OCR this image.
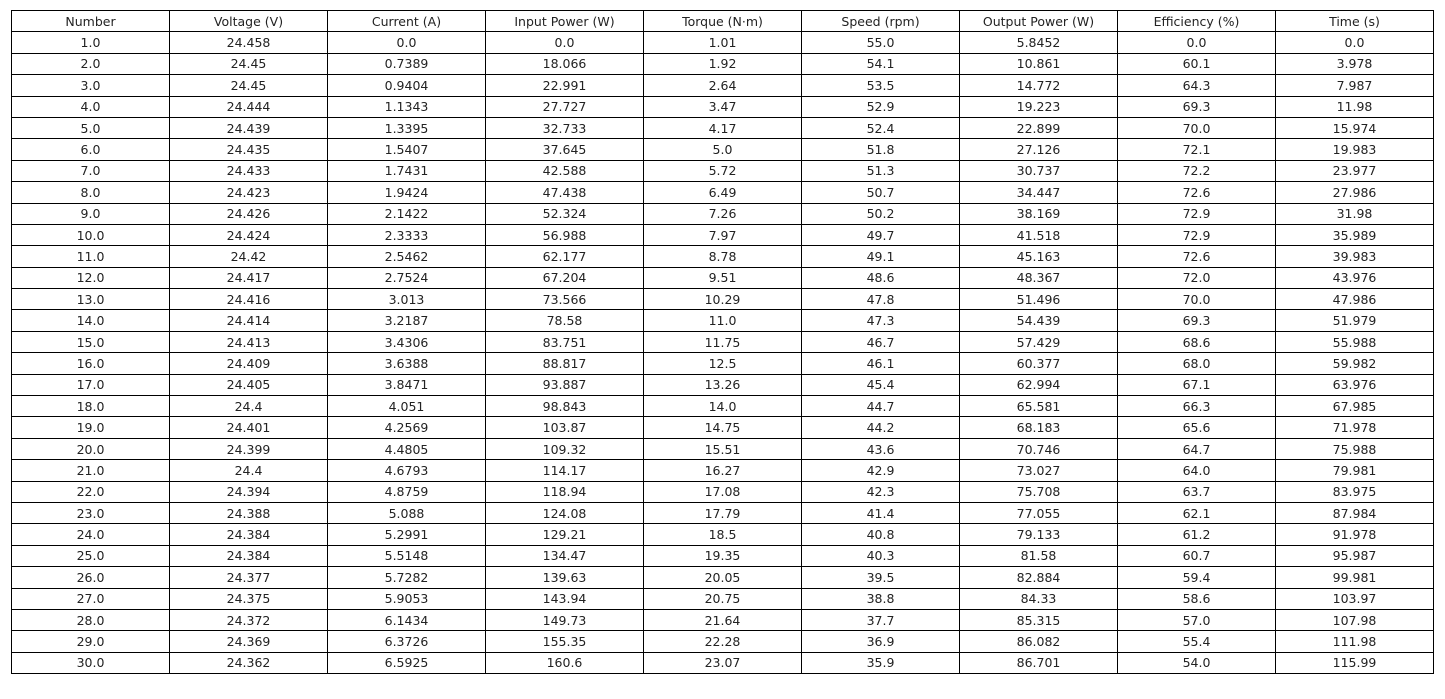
Number	Voltage (V)	Current (A)	Input Power (W)	Torque (N·m)	Speed (rpm)	Output Power (W)	Efficiency (%)	Time (s)
1.0	24.458	0.0	0.0	1.01	55.0	5.8452	0.0	0.0
2.0	24.45	0.7389	18.066	1.92	54.1	10.861	60.1	3.978
3.0	24.45	0.9404	22.991	2.64	53.5	14.772	64.3	7.987
4.0	24.444	1.1343	27.727	3.47	52.9	19.223	69.3	11.98
5.0	24.439	1.3395	32.733	4.17	52.4	22.899	70.0	15.974
6.0	24.435	1.5407	37.645	5.0	51.8	27.126	72.1	19.983
7.0	24.433	1.7431	42.588	5.72	51.3	30.737	72.2	23.977
8.0	24.423	1.9424	47.438	6.49	50.7	34.447	72.6	27.986
9.0	24.426	2.1422	52.324	7.26	50.2	38.169	72.9	31.98
10.0	24.424	2.3333	56.988	7.97	49.7	41.518	72.9	35.989
11.0	24.42	2.5462	62.177	8.78	49.1	45.163	72.6	39.983
12.0	24.417	2.7524	67.204	9.51	48.6	48.367	72.0	43.976
13.0	24.416	3.013	73.566	10.29	47.8	51.496	70.0	47.986
14.0	24.414	3.2187	78.58	11.0	47.3	54.439	69.3	51.979
15.0	24.413	3.4306	83.751	11.75	46.7	57.429	68.6	55.988
16.0	24.409	3.6388	88.817	12.5	46.1	60.377	68.0	59.982
17.0	24.405	3.8471	93.887	13.26	45.4	62.994	67.1	63.976
18.0	24.4	4.051	98.843	14.0	44.7	65.581	66.3	67.985
19.0	24.401	4.2569	103.87	14.75	44.2	68.183	65.6	71.978
20.0	24.399	4.4805	109.32	15.51	43.6	70.746	64.7	75.988
21.0	24.4	4.6793	114.17	16.27	42.9	73.027	64.0	79.981
22.0	24.394	4.8759	118.94	17.08	42.3	75.708	63.7	83.975
23.0	24.388	5.088	124.08	17.79	41.4	77.055	62.1	87.984
24.0	24.384	5.2991	129.21	18.5	40.8	79.133	61.2	91.978
25.0	24.384	5.5148	134.47	19.35	40.3	81.58	60.7	95.987
26.0	24.377	5.7282	139.63	20.05	39.5	82.884	59.4	99.981
27.0	24.375	5.9053	143.94	20.75	38.8	84.33	58.6	103.97
28.0	24.372	6.1434	149.73	21.64	37.7	85.315	57.0	107.98
29.0	24.369	6.3726	155.35	22.28	36.9	86.082	55.4	111.98
30.0	24.362	6.5925	160.6	23.07	35.9	86.701	54.0	115.99
